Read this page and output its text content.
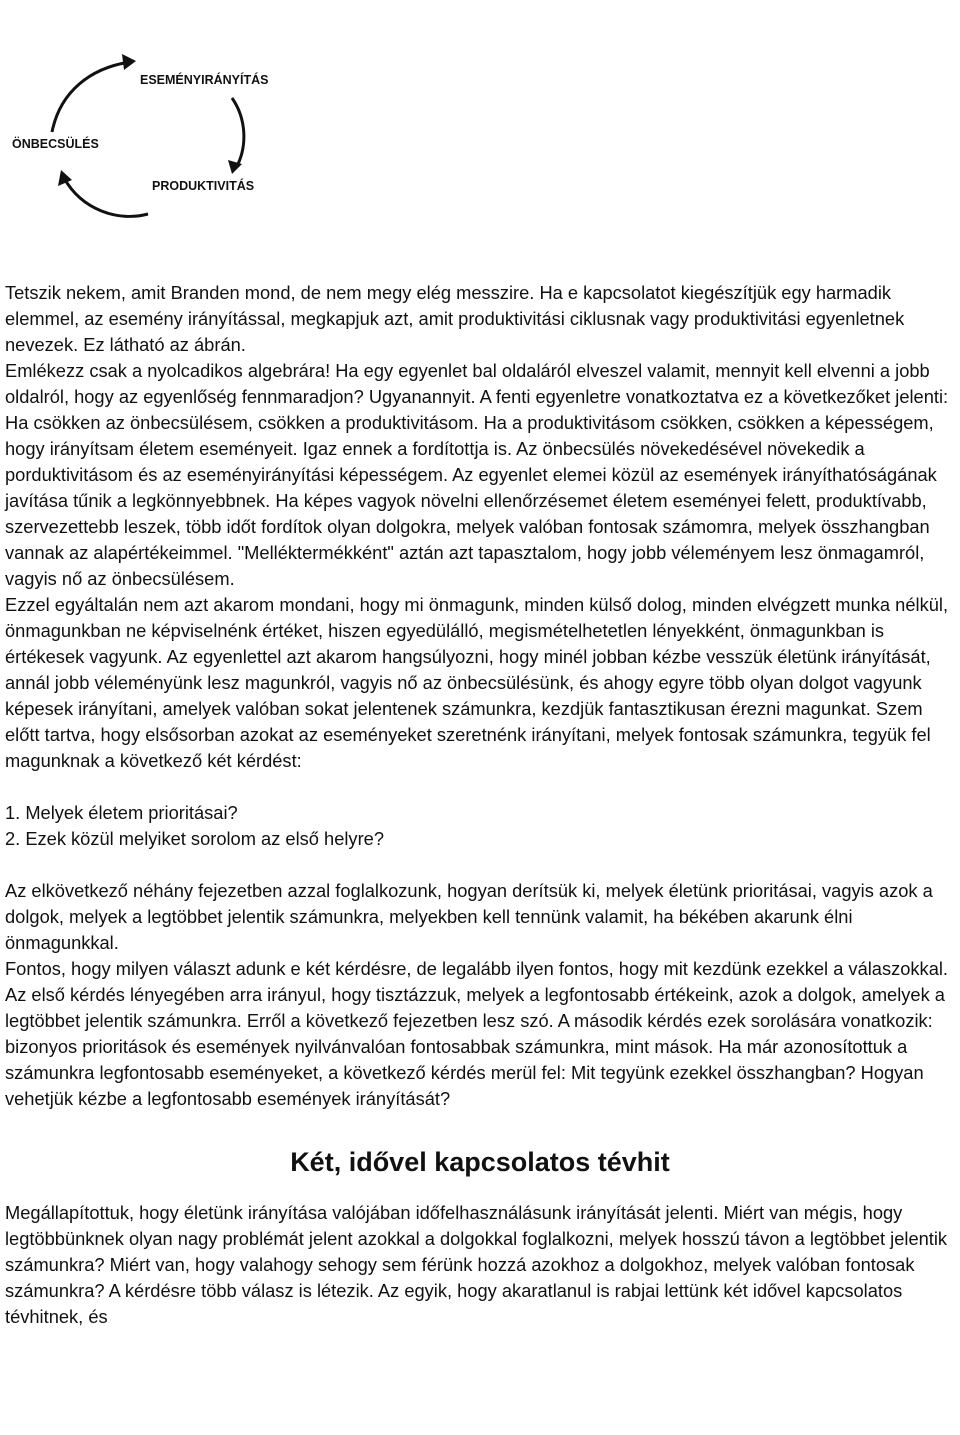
ESEMÉNYIRÁNYÍTÁS
ÖNBECSÜLÉS
PRODUKTIVITÁS

Tetszik nekem, amit Branden mond, de nem megy elég messzire. Ha e kapcsolatot kiegészítjük egy harmadik elemmel, az esemény irányítással, megkapjuk azt, amit produktivitási ciklusnak vagy produktivitási egyenletnek nevezek. Ez látható az ábrán.

Emlékezz csak a nyolcadikos algebrára! Ha egy egyenlet bal oldaláról elveszel valamit, mennyit kell elvenni a jobb oldalról, hogy az egyenlőség fennmaradjon? Ugyanannyit. A fenti egyenletre vonatkoztatva ez a következőket jelenti: Ha csökken az önbecsülésem, csökken a produktivitásom. Ha a produktivitásom csökken, csökken a képességem, hogy irányítsam életem eseményeit. Igaz ennek a fordítottja is. Az önbecsülés növekedésével növekedik a porduktivitásom és az eseményirányítási képességem. Az egyenlet elemei közül az események irányíthatóságának javítása tűnik a legkönnyebbnek. Ha képes vagyok növelni ellenőrzésemet életem eseményei felett, produktívabb, szervezettebb leszek, több időt fordítok olyan dolgokra, melyek valóban fontosak számomra, melyek összhangban vannak az alapértékeimmel. "Melléktermékként" aztán azt tapasztalom, hogy jobb véleményem lesz önmagamról, vagyis nő az önbecsülésem.

Ezzel egyáltalán nem azt akarom mondani, hogy mi önmagunk, minden külső dolog, minden elvégzett munka nélkül, önmagunkban ne képviselnénk értéket, hiszen egyedülálló, megismételhetetlen lényekként, önmagunkban is értékesek vagyunk. Az egyenlettel azt akarom hangsúlyozni, hogy minél jobban kézbe vesszük életünk irányítását, annál jobb véleményünk lesz magunkról, vagyis nő az önbecsülésünk, és ahogy egyre több olyan dolgot vagyunk képesek irányítani, amelyek valóban sokat jelentenek számunkra, kezdjük fantasztikusan érezni magunkat. Szem előtt tartva, hogy elsősorban azokat az eseményeket szeretnénk irányítani, melyek fontosak számunkra, tegyük fel magunknak a következő két kérdést:

1. Melyek életem prioritásai?

2. Ezek közül melyiket sorolom az első helyre?

Az elkövetkező néhány fejezetben azzal foglalkozunk, hogyan derítsük ki, melyek életünk prioritásai, vagyis azok a dolgok, melyek a legtöbbet jelentik számunkra, melyekben kell tennünk valamit, ha békében akarunk élni önmagunkkal.

Fontos, hogy milyen választ adunk e két kérdésre, de legalább ilyen fontos, hogy mit kezdünk ezekkel a válaszokkal. Az első kérdés lényegében arra irányul, hogy tisztázzuk, melyek a legfontosabb értékeink, azok a dolgok, amelyek a legtöbbet jelentik számunkra. Erről a következő fejezetben lesz szó. A második kérdés ezek sorolására vonatkozik: bizonyos prioritások és események nyilvánvalóan fontosabbak számunkra, mint mások. Ha már azonosítottuk a számunkra legfontosabb eseményeket, a következő kérdés merül fel: Mit tegyünk ezekkel összhangban? Hogyan vehetjük kézbe a legfontosabb események irányítását?

Két, idővel kapcsolatos tévhit

Megállapítottuk, hogy életünk irányítása valójában időfelhasználásunk irányítását jelenti. Miért van mégis, hogy legtöbbünknek olyan nagy problémát jelent azokkal a dolgokkal foglalkozni, melyek hosszú távon a legtöbbet jelentik számunkra? Miért van, hogy valahogy sehogy sem férünk hozzá azokhoz a dolgokhoz, melyek valóban fontosak számunkra? A kérdésre több válasz is létezik. Az egyik, hogy akaratlanul is rabjai lettünk két idővel kapcsolatos tévhitnek, és
